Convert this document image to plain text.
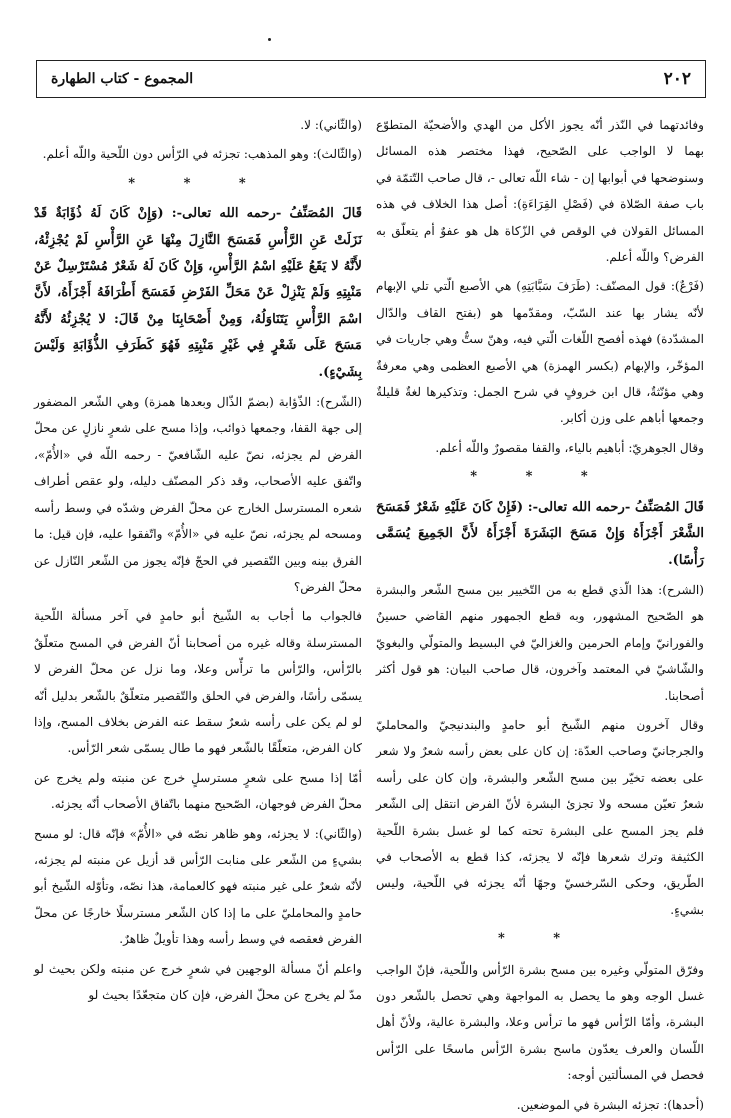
٢٠٢
المجموع - كتاب الطهارة

وفائدتهما في النّذر أنّه يجوز الأكل من الهدي والأضحيّة المتطوّع بهما لا الواجب على الصّحيح، فهذا مختصر هذه المسائل وسنوضحها في أبوابها إن - شاء اللّه تعالى -، قال صاحب التّتمّة في باب صفة الصّلاة في (فَصْلِ القِرَاءَةِ): أصل هذا الخلاف في هذه المسائل القولان في الوقص في الزّكاة هل هو عفوٌ أم يتعلّق به الفرض؟ واللّه أعلم.

(فَرْعٌ): قول المصنّف: (طَرَفَ سَبَّابَتِهِ) هي الأصبع الّتي تلي الإبهام لأنّه يشار بها عند السّبّ، ومقدّمها هو (بفتح القاف والدّال المشدّدة) فهذه أفصح اللّغات الّتي فيه، وهنّ ستٌّ وهي جاريات في المؤخّر، والإبهام (بكسر الهمزة) هي الأصبع العظمى وهي معرفةٌ وهي مؤنّثةٌ، قال ابن خروفٍ في شرح الجمل: وتذكيرها لغةٌ قليلةٌ وجمعها أباهم على وزن أكابر.

وقال الجوهريّ: أباهيم بالياء، والقفا مقصورٌ واللّه أعلم.

* * *

قَالَ المُصَنِّفُ -رحمه الله تعالى-: (فَإِنْ كَانَ عَلَيْهِ شَعْرٌ فَمَسَحَ الشَّعْرَ أَجْزَأَهُ وَإِنْ مَسَحَ البَشَرَةَ أَجْزَأَهُ لأَنَّ الجَمِيعَ يُسَمَّى رَأْسًا).

(الشرح): هذا الّذي قطع به من التّخيير بين مسح الشّعر والبشرة هو الصّحيح المشهور، وبه قطع الجمهور منهم القاضي حسينٌ والفورانيّ وإمام الحرمين والغزاليّ في البسيط والمتولّي والبغويّ والشّاشيّ في المعتمد وآخرون، قال صاحب البيان: هو قول أكثر أصحابنا.

وقال آخرون منهم الشّيخ أبو حامدٍ والبندنيجيّ والمحامليّ والجرجانيّ وصاحب العدّة: إن كان على بعض رأسه شعرٌ ولا شعر على بعضه تخيّر بين مسح الشّعر والبشرة، وإن كان على رأسه شعرٌ تعيّن مسحه ولا تجزئ البشرة لأنّ الفرض انتقل إلى الشّعر فلم يجز المسح على البشرة تحته كما لو غسل بشرة اللّحية الكثيفة وترك شعرها فإنّه لا يجزئه، كذا قطع به الأصحاب في الطّريق، وحكى السّرخسيّ وجهًا أنّه يجزئه في اللّحية، وليس بشيءٍ.

* *

وفرّق المتولّي وغيره بين مسح بشرة الرّأس واللّحية، فإنّ الواجب غسل الوجه وهو ما يحصل به المواجهة وهي تحصل بالشّعر دون البشرة، وأمّا الرّأس فهو ما ترأس وعلا، والبشرة عالية، ولأنّ أهل اللّسان والعرف يعدّون ماسح بشرة الرّأس ماسحًا على الرّأس فحصل في المسألتين أوجه:

(أحدها): تجزئه البشرة في الموضعين.

(والثّاني): لا.

(والثّالث): وهو المذهب: تجزئه في الرّأس دون اللّحية واللّه أعلم.

* * *

قَالَ المُصَنِّفُ -رحمه الله تعالى-: (وَإِنْ كَانَ لَهُ ذُؤَابَةٌ قَدْ نَزَلَتْ عَنِ الرَّأْسِ فَمَسَحَ النَّازِلَ مِنْهَا عَنِ الرَّأْسِ لَمْ يُجْزِئْهُ، لأَنَّهُ لا يَقَعُ عَلَيْهِ اسْمُ الرَّأْسِ، وَإِنْ كَانَ لَهُ شَعْرٌ مُسْتَرْسِلٌ عَنْ مَنْبِتِهِ وَلَمْ يَنْزِلْ عَنْ مَحَلِّ الفَرْضِ فَمَسَحَ أَطْرَافَهُ أَجْزَأَهُ، لأَنَّ اسْمَ الرَّأْسِ يَتَنَاوَلُهُ، وَمِنْ أَصْحَابِنَا مِنْ قَالَ: لا يُجْزِئُهُ لأَنَّهُ مَسَحَ عَلَى شَعْرٍ فِي غَيْرِ مَنْبِتِهِ فَهُوَ كَطَرَفِ الذُّؤَابَةِ وَلَيْسَ بِشَيْءٍ).

(الشّرح): الذّؤابة (بضمّ الذّال وبعدها همزة) وهي الشّعر المضفور إلى جهة القفا، وجمعها ذوائب، وإذا مسح على شعرٍ نازلٍ عن محلّ الفرض لم يجزئه، نصّ عليه الشّافعيّ - رحمه اللّه في «الأُمّ»، واتّفق عليه الأصحاب، وقد ذكر المصنّف دليله، ولو عقص أطراف شعره المسترسل الخارج عن محلّ الفرض وشدّه في وسط رأسه ومسحه لم يجزئه، نصّ عليه في «الأُمّ» واتّفقوا عليه، فإن قيل: ما الفرق بينه وبين التّقصير في الحجّ فإنّه يجوز من الشّعر النّازل عن محلّ الفرض؟

فالجواب ما أجاب به الشّيخ أبو حامدٍ في آخر مسألة اللّحية المسترسلة وقاله غيره من أصحابنا أنّ الفرض في المسح متعلّقٌ بالرّأس، والرّأس ما ترأّس وعلا، وما نزل عن محلّ الفرض لا يسمّى رأسًا، والفرض في الحلق والتّقصير متعلّقٌ بالشّعر بدليل أنّه لو لم يكن على رأسه شعرٌ سقط عنه الفرض بخلاف المسح، وإذا كان الفرض، متعلّقًا بالشّعر فهو ما طال يسمّى شعر الرّأس.

أمّا إذا مسح على شعرٍ مسترسلٍ خرج عن منبته ولم يخرج عن محلّ الفرض فوجهان، الصّحيح منهما باتّفاق الأصحاب أنّه يجزئه.

(والثّاني): لا يجزئه، وهو ظاهر نصّه في «الأُمّ» فإنّه قال: لو مسح بشيءٍ من الشّعر على منابت الرّأس قد أزيل عن منبته لم يجزئه، لأنّه شعرٌ على غير منبته فهو كالعمامة، هذا نصّه، وتأوّله الشّيخ أبو حامدٍ والمحامليّ على ما إذا كان الشّعر مسترسلًا خارجًا عن محلّ الفرض فعقصه في وسط رأسه وهذا تأويلٌ ظاهرٌ.

واعلم أنّ مسألة الوجهين في شعرٍ خرج عن منبته ولكن بحيث لو مدّ لم يخرج عن محلّ الفرض، فإن كان متجعّدًا بحيث لو
